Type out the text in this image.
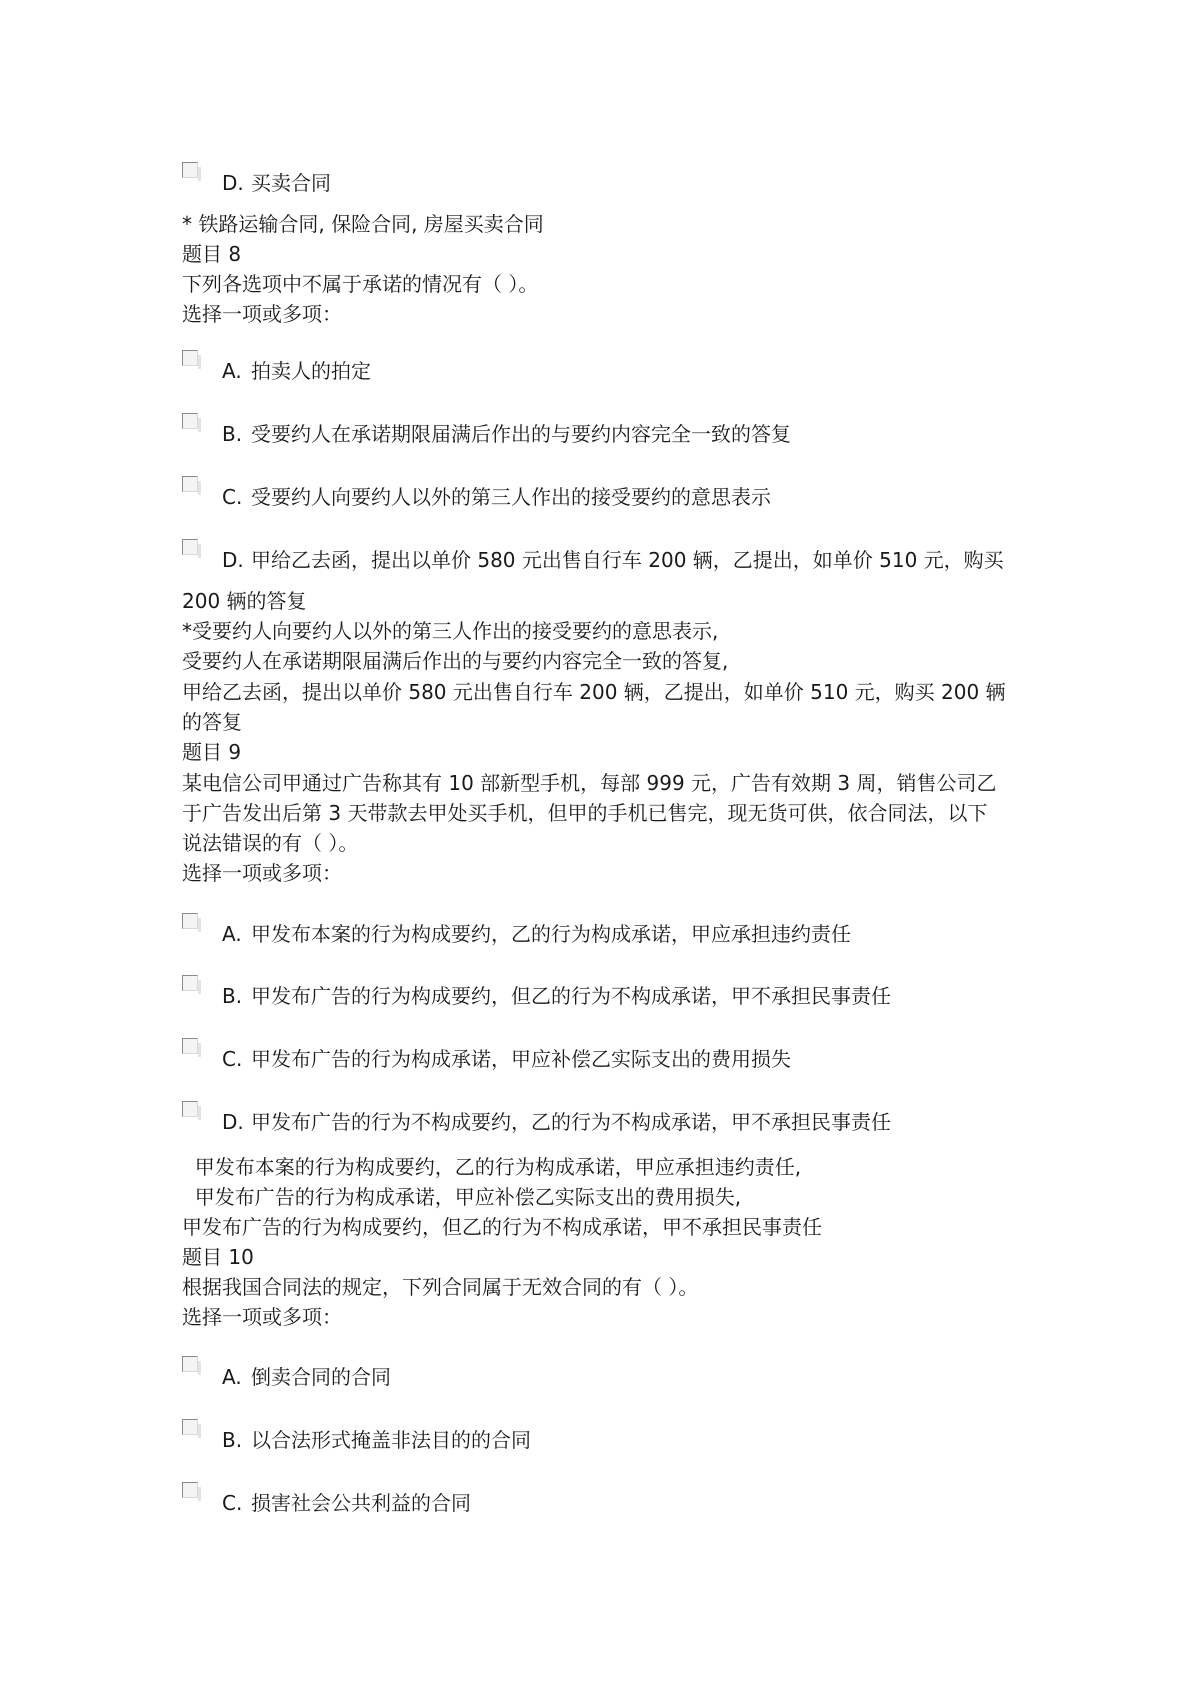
D. 买卖合同
* 铁路运输合同, 保险合同, 房屋买卖合同
题目 8
下列各选项中不属于承诺的情况有（ ）。
选择一项或多项：
A. 拍卖人的拍定
B. 受要约人在承诺期限届满后作出的与要约内容完全一致的答复
C. 受要约人向要约人以外的第三人作出的接受要约的意思表示
D. 甲给乙去函，提出以单价 580 元出售自行车 200 辆，乙提出，如单价 510 元，购买
200 辆的答复
*受要约人向要约人以外的第三人作出的接受要约的意思表示,
受要约人在承诺期限届满后作出的与要约内容完全一致的答复,
甲给乙去函，提出以单价 580 元出售自行车 200 辆，乙提出，如单价 510 元，购买 200 辆
的答复
题目 9
某电信公司甲通过广告称其有 10 部新型手机，每部 999 元，广告有效期 3 周，销售公司乙
于广告发出后第 3 天带款去甲处买手机，但甲的手机已售完，现无货可供，依合同法，以下
说法错误的有（ ）。
选择一项或多项：
A. 甲发布本案的行为构成要约，乙的行为构成承诺，甲应承担违约责任
B. 甲发布广告的行为构成要约，但乙的行为不构成承诺，甲不承担民事责任
C. 甲发布广告的行为构成承诺，甲应补偿乙实际支出的费用损失
D. 甲发布广告的行为不构成要约，乙的行为不构成承诺，甲不承担民事责任
甲发布本案的行为构成要约，乙的行为构成承诺，甲应承担违约责任,
甲发布广告的行为构成承诺，甲应补偿乙实际支出的费用损失,
甲发布广告的行为构成要约，但乙的行为不构成承诺，甲不承担民事责任
题目 10
根据我国合同法的规定，下列合同属于无效合同的有（ ）。
选择一项或多项：
A. 倒卖合同的合同
B. 以合法形式掩盖非法目的的合同
C. 损害社会公共利益的合同
